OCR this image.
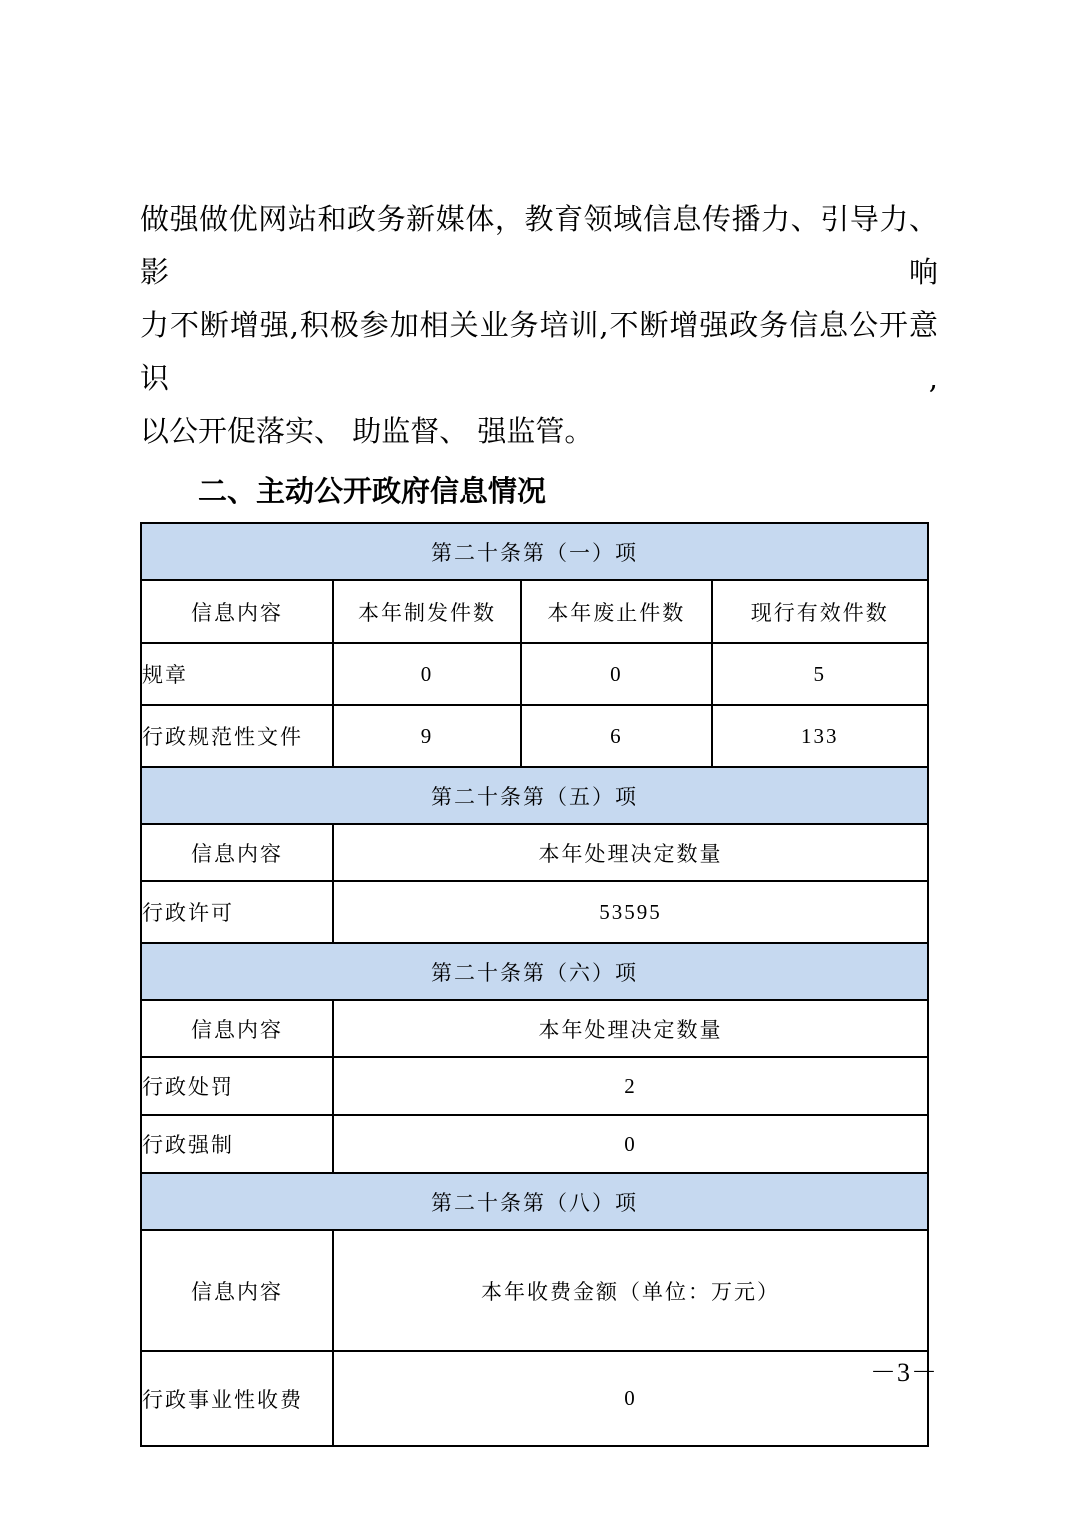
做强做优网站和政务新媒体，教育领域信息传播力、引导力、影响
力不断增强,积极参加相关业务培训,不断增强政务信息公开意识,
以公开促落实、 助监督、 强监管。
二、主动公开政府信息情况
第二十条第（一）项			
信息内容	本年制发件数	本年废止件数	现行有效件数
规章	0	0	5
行政规范性文件	9	6	133
第二十条第（五）项			
信息内容	本年处理决定数量		
行政许可	53595		
第二十条第（六）项			
信息内容	本年处理决定数量		
行政处罚	2		
行政强制	0		
第二十条第（八）项			
信息内容	本年收费金额（单位：万元）		
行政事业性收费	0		
－3－
